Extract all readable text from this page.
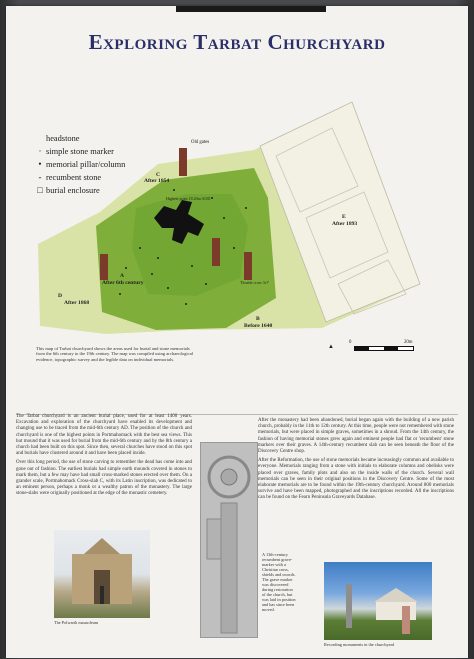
Exploring Tarbat Churchyard
headstone
· simple stone marker
• memorial pillar/column
- recumbent stone
□ burial enclosure
Old gates
C
After 1854
Highest point 18.20m AOD
E
After 1893
A
After 6th century	'Double cross 3c?'
D
After 1868
B
Before 1640
This map of Tarbat churchyard shows the areas used for burial and stone memorials from the 6th century to the 19th century. The map was compiled using archaeological evidence, topographic survey and the legible data on individual memorials.
▲
0	20m

The Tarbat churchyard is an ancient burial place, used for at least 1400 years. Excavation and exploration of the churchyard have enabled its development and changing use to be traced from the mid-6th century AD. The position of the church and churchyard is one of the highest points in Portmahomack with the best sea views. This hut mound that it was used for burial from the mid-6th century and by the 8th century a church had been built on this spot. Since then, several churches have stood on this spot and burials have clustered around it and have been placed inside.

Over this long period, the use of stone carving to remember the dead has come into and gone out of fashion. The earliest burials had simple earth mounds covered in stones to mark them, but a few may have had small cross-marked stones erected over them. On a grander scale, Portmahomack Cross-slab C, with its Latin inscription, was dedicated to an eminent person, perhaps a monk or a wealthy patron of the monastery. The large stone-slabs were originally positioned at the edge of the monastic cemetery.

After the monastery had been abandoned, burial began again with the building of a new parish church, probably in the 11th to 12th century. At this time, people were not remembered with stone memorials, but were placed in simple graves, sometimes in a shroud. From the 14th century, the fashion of having memorial stones grew again and eminent people had flat or 'recumbent' stone markers over their graves. A 14th-century recumbent slab can be seen beneath the floor of the Discovery Centre shop.

After the Reformation, the use of stone memorials became increasingly common and available to everyone. Memorials ranging from a stone with initials to elaborate columns and obelisks were placed over graves, family plots and also on the inside walls of the church. Several wall memorials can be seen in their original positions in the Discovery Centre. Some of the most elaborate memorials are to be found within the 19th-century churchyard. Around 800 memorials survive and have been mapped, photographed and the inscriptions recorded. All the inscriptions can be found on the Fearn Peninsula Graveyards Database.

The Polwarth mausoleum
A 13th-century recumbent grave-marker with a Christian cross, shields and swords. The grave marker was discovered during restoration of the church, but was laid in position and has since been moved.
Recording monuments in the churchyard
